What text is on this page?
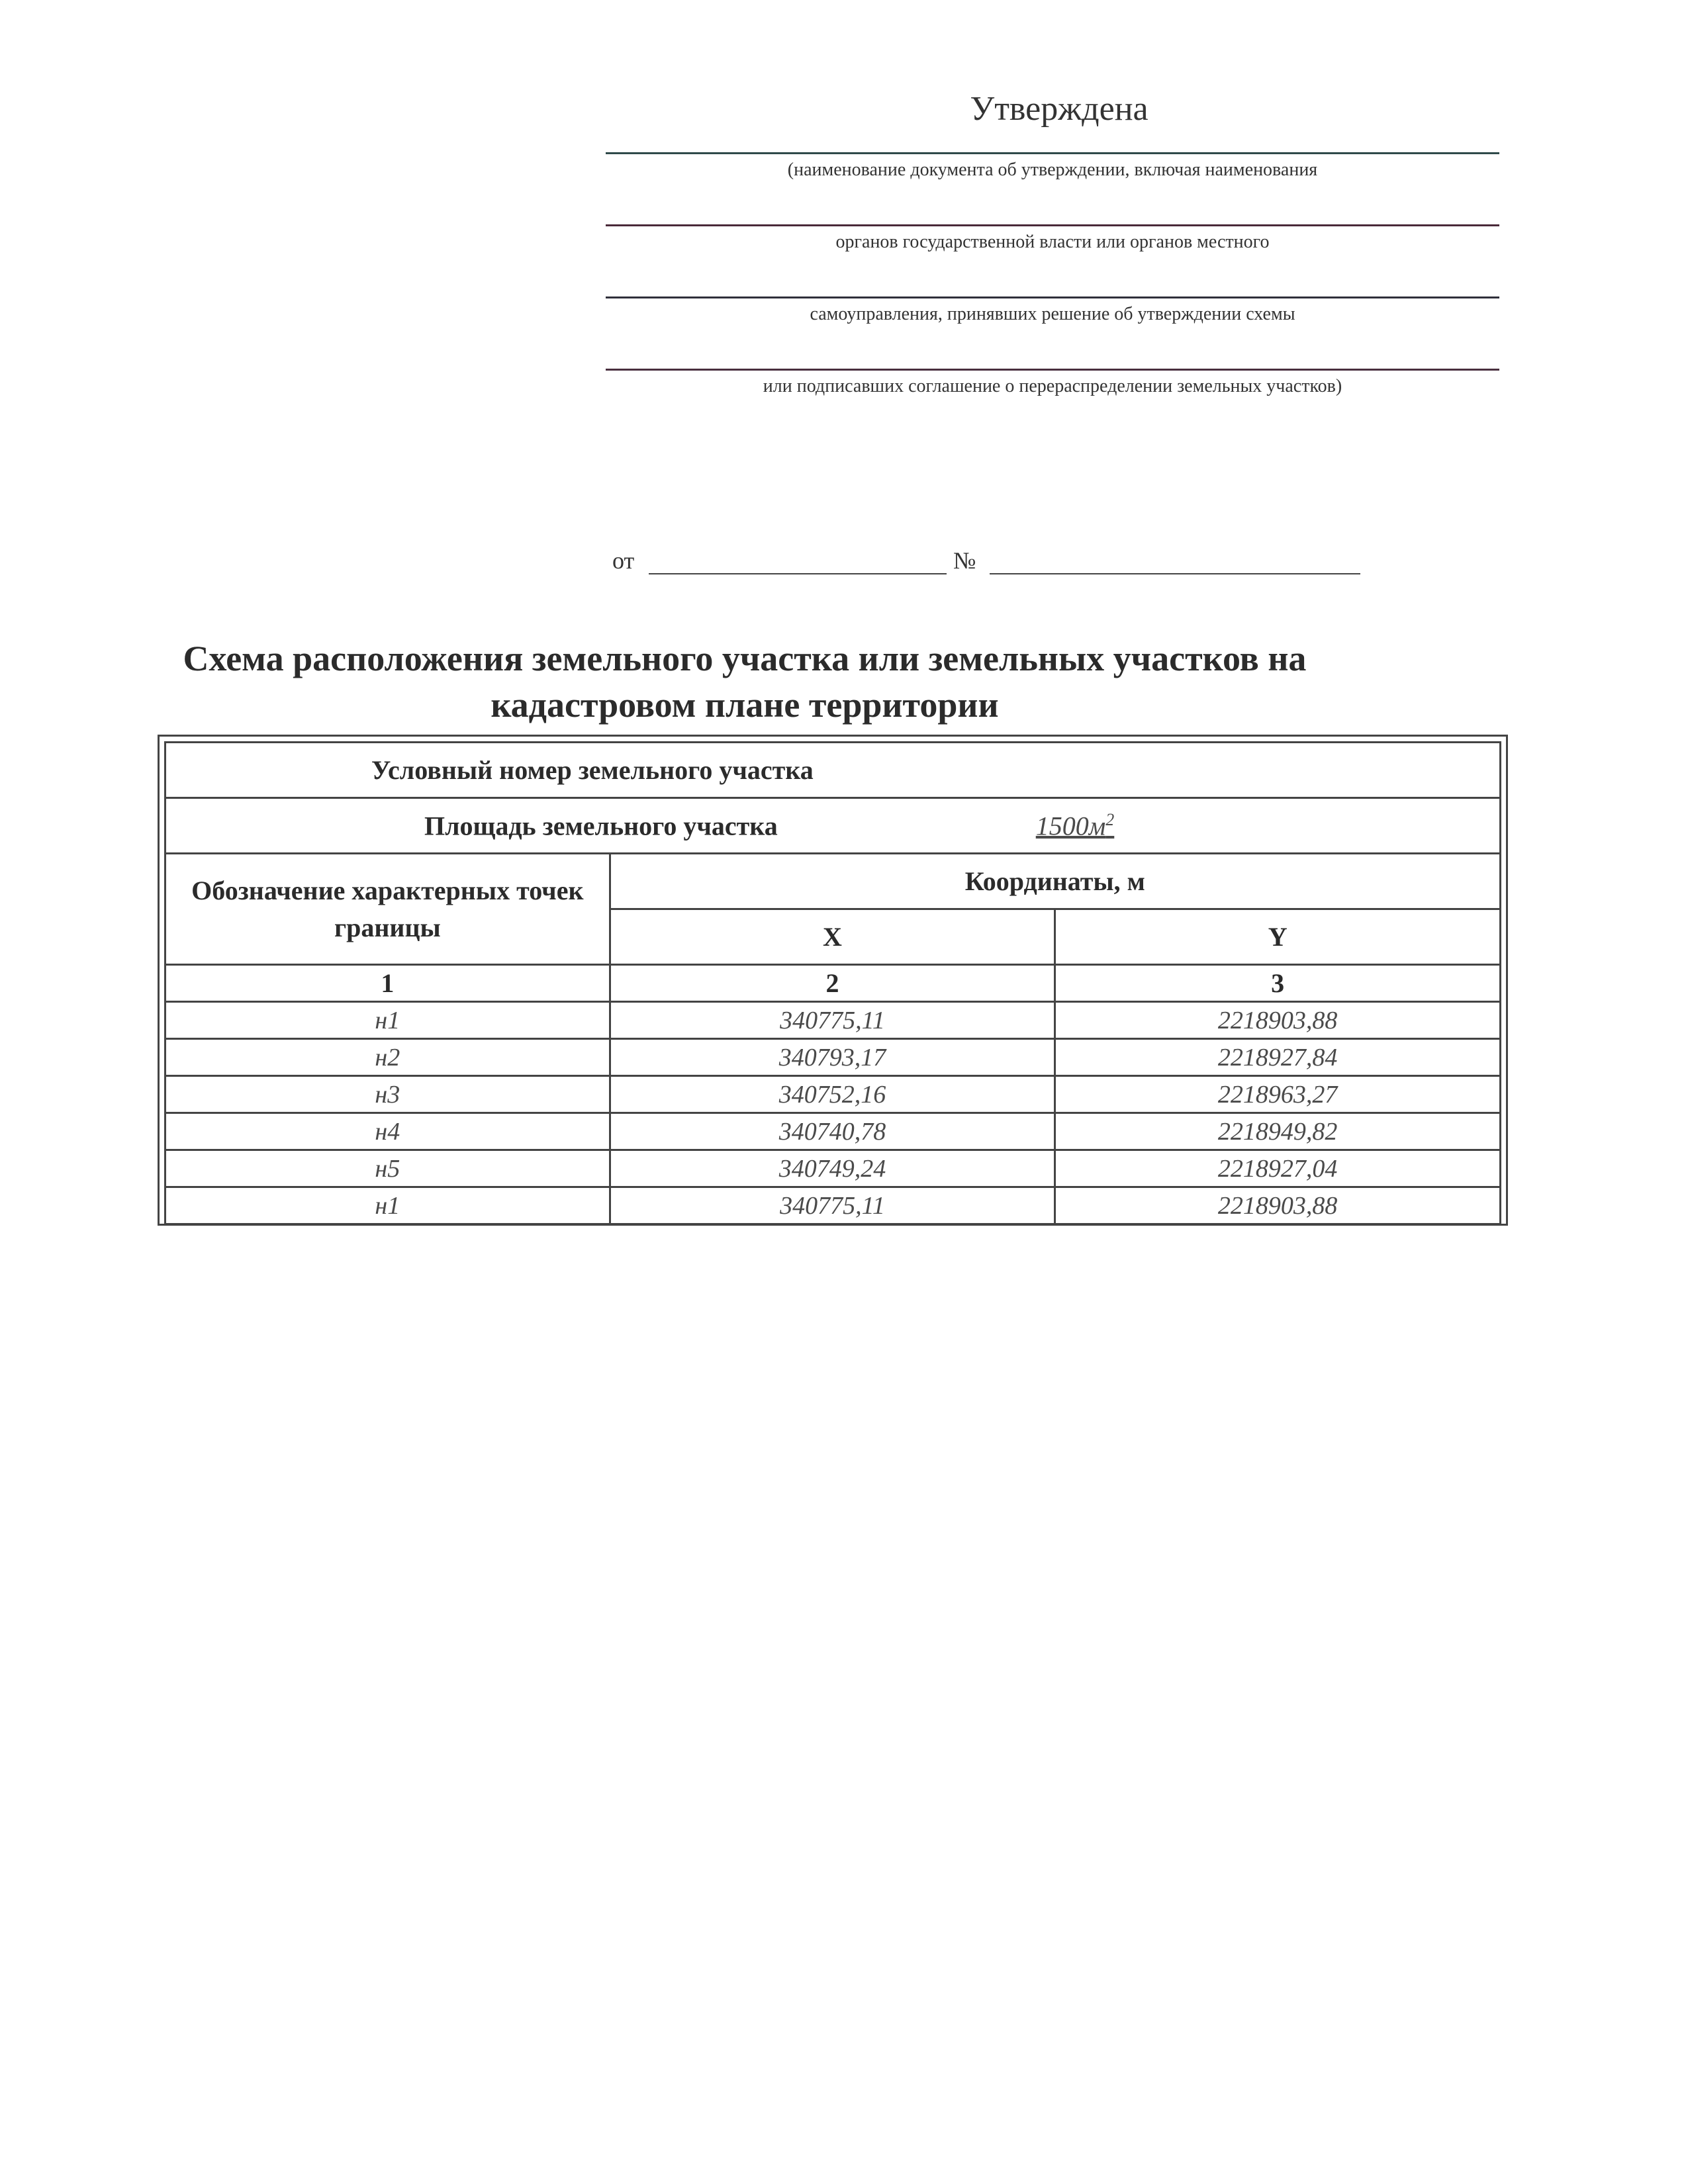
Утверждена
(наименование документа об утверждении, включая наименования
органов государственной власти или органов местного
самоуправления, принявших решение об утверждении схемы
или подписавших соглашение о перераспределении земельных участков)
от	№
Схема расположения земельного участка или земельных участков на кадастровом плане территории
Условный номер земельного участка		
Площадь земельного участка $1500м^2$
Обозначение характерных точек границы	Координаты, м	
	X	Y
1	2	3
н1	340775,11	2218903,88
н2	340793,17	2218927,84
н3	340752,16	2218963,27
н4	340740,78	2218949,82
н5	340749,24	2218927,04
н1	340775,11	2218903,88
